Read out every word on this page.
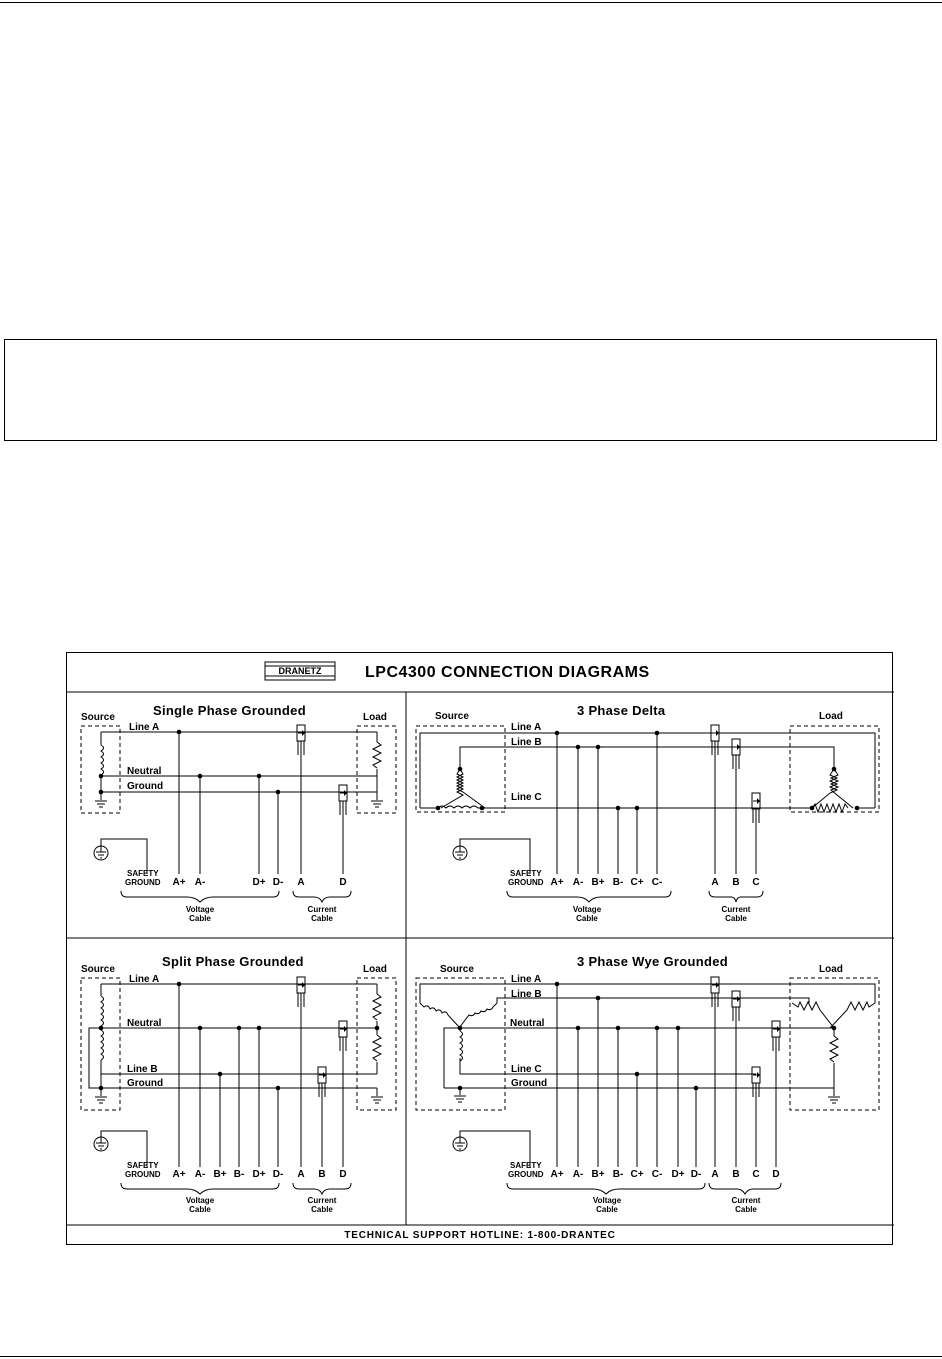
DRANETZ	LPC4300 CONNECTION DIAGRAMS
TECHNICAL SUPPORT HOTLINE: 1-800-DRANTEC
Single Phase Grounded
Source	Load
Line A
Neutral
Ground
SAFETY
GROUND A+ A-	D+ D- A	D
Voltage
Cable
Current
Cable
3 Phase Delta
Source	Load
Line A
Line B
Line C
SAFETY
GROUND A+ A- B+ B- C+ C-	A B C
Voltage
Cable
Current
Cable
Split Phase Grounded
Source	Load
Line A
Neutral
Line B
Ground
SAFETY
GROUND A+ A- B+ B- D+ D- A B D
Voltage
Cable
Current
Cable
3 Phase Wye Grounded
Source	Load
Line A
Line B
Neutral
Line C
Ground
SAFETY
GROUND A+ A- B+ B- C+ C- D+ D- A B C D
Voltage
Cable
Current
Cable
